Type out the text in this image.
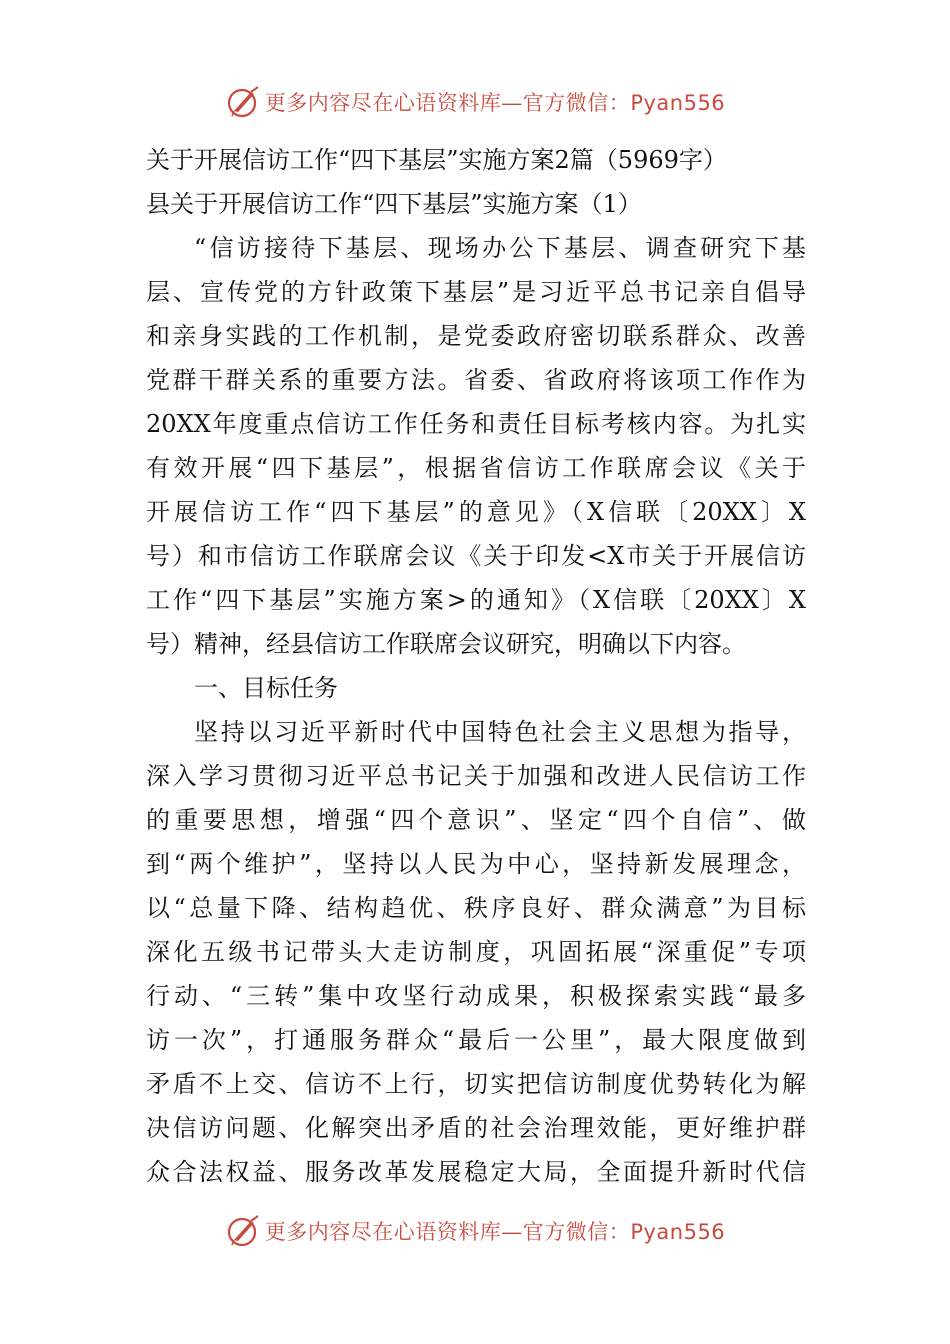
更多内容尽在心语资料库—官方微信：Pyan556
关于开展信访工作“四下基层”实施方案2篇（5969字）
县关于开展信访工作“四下基层”实施方案（1）
“信访接待下基层、现场办公下基层、调查研究下基
层、宣传党的方针政策下基层”是习近平总书记亲自倡导
和亲身实践的工作机制，是党委政府密切联系群众、改善
党群干群关系的重要方法。省委、省政府将该项工作作为
20XX年度重点信访工作任务和责任目标考核内容。为扎实
有效开展“四下基层”，根据省信访工作联席会议《关于
开展信访工作“四下基层”的意见》（X信联〔20XX〕X
号）和市信访工作联席会议《关于印发<X市关于开展信访
工作“四下基层”实施方案>的通知》（X信联〔20XX〕X
号）精神，经县信访工作联席会议研究，明确以下内容。
一、目标任务
坚持以习近平新时代中国特色社会主义思想为指导，
深入学习贯彻习近平总书记关于加强和改进人民信访工作
的重要思想，增强“四个意识”、坚定“四个自信”、做
到“两个维护”，坚持以人民为中心，坚持新发展理念，
以“总量下降、结构趋优、秩序良好、群众满意”为目标
深化五级书记带头大走访制度，巩固拓展“深重促”专项
行动、“三转”集中攻坚行动成果，积极探索实践“最多
访一次”，打通服务群众“最后一公里”，最大限度做到
矛盾不上交、信访不上行，切实把信访制度优势转化为解
决信访问题、化解突出矛盾的社会治理效能，更好维护群
众合法权益、服务改革发展稳定大局，全面提升新时代信
更多内容尽在心语资料库—官方微信：Pyan556
